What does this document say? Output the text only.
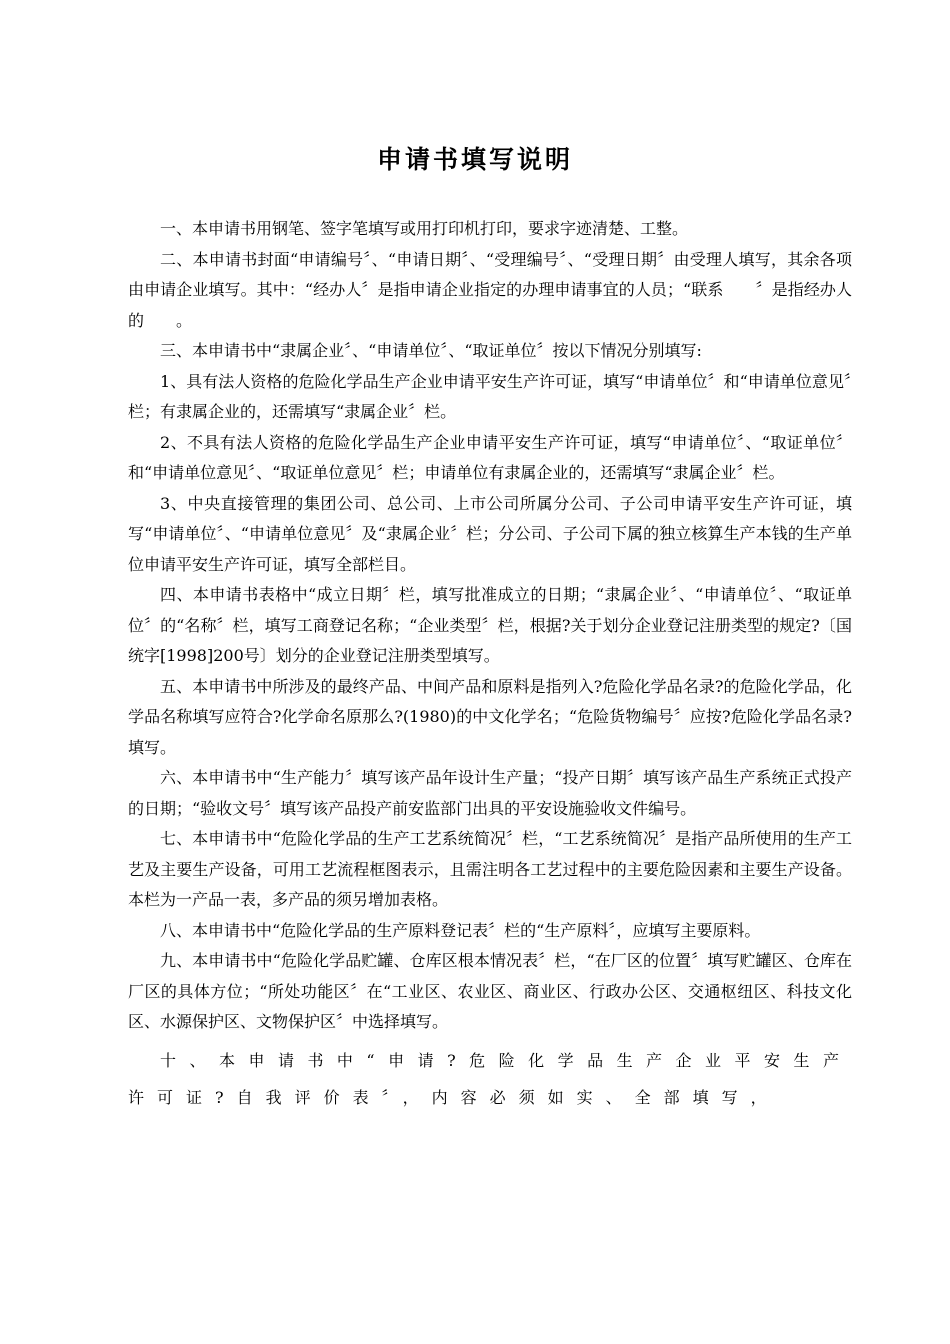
申请书填写说明

一、本申请书用钢笔、签字笔填写或用打印机打印，要求字迹清楚、工整。

二、本申请书封面“申请编号〞、“申请日期〞、“受理编号〞、“受理日期〞由受理人填写，其余各项由申请企业填写。其中：“经办人〞是指申请企业指定的办理申请事宜的人员；“联系　　〞是指经办人的　　。

三、本申请书中“隶属企业〞、“申请单位〞、“取证单位〞按以下情况分别填写:

1、具有法人资格的危险化学品生产企业申请平安生产许可证，填写“申请单位〞和“申请单位意见〞栏；有隶属企业的，还需填写“隶属企业〞栏。

2、不具有法人资格的危险化学品生产企业申请平安生产许可证，填写“申请单位〞、“取证单位〞和“申请单位意见〞、“取证单位意见〞栏；申请单位有隶属企业的，还需填写“隶属企业〞栏。

3、中央直接管理的集团公司、总公司、上市公司所属分公司、子公司申请平安生产许可证，填写“申请单位〞、“申请单位意见〞及“隶属企业〞栏；分公司、子公司下属的独立核算生产本钱的生产单位申请平安生产许可证，填写全部栏目。

四、本申请书表格中“成立日期〞栏，填写批准成立的日期；“隶属企业〞、“申请单位〞、“取证单位〞的“名称〞栏，填写工商登记名称；“企业类型〞栏，根据?关于划分企业登记注册类型的规定?〔国统字[1998]200号〕划分的企业登记注册类型填写。

五、本申请书中所涉及的最终产品、中间产品和原料是指列入?危险化学品名录?的危险化学品，化学品名称填写应符合?化学命名原那么?(1980)的中文化学名；“危险货物编号〞应按?危险化学品名录?填写。

六、本申请书中“生产能力〞填写该产品年设计生产量；“投产日期〞填写该产品生产系统正式投产的日期；“验收文号〞填写该产品投产前安监部门出具的平安设施验收文件编号。

七、本申请书中“危险化学品的生产工艺系统简况〞栏，“工艺系统简况〞是指产品所使用的生产工艺及主要生产设备，可用工艺流程框图表示，且需注明各工艺过程中的主要危险因素和主要生产设备。本栏为一产品一表，多产品的须另增加表格。

八、本申请书中“危险化学品的生产原料登记表〞栏的“生产原料〞，应填写主要原料。

九、本申请书中“危险化学品贮罐、仓库区根本情况表〞栏，“在厂区的位置〞填写贮罐区、仓库在厂区的具体方位；“所处功能区〞在“工业区、农业区、商业区、行政办公区、交通枢纽区、科技文化区、水源保护区、文物保护区〞中选择填写。

十、本申请书中“申请?危险化学品生产企业平安生产许可证?自我评价表〞，内容必须如实、全部填写，
